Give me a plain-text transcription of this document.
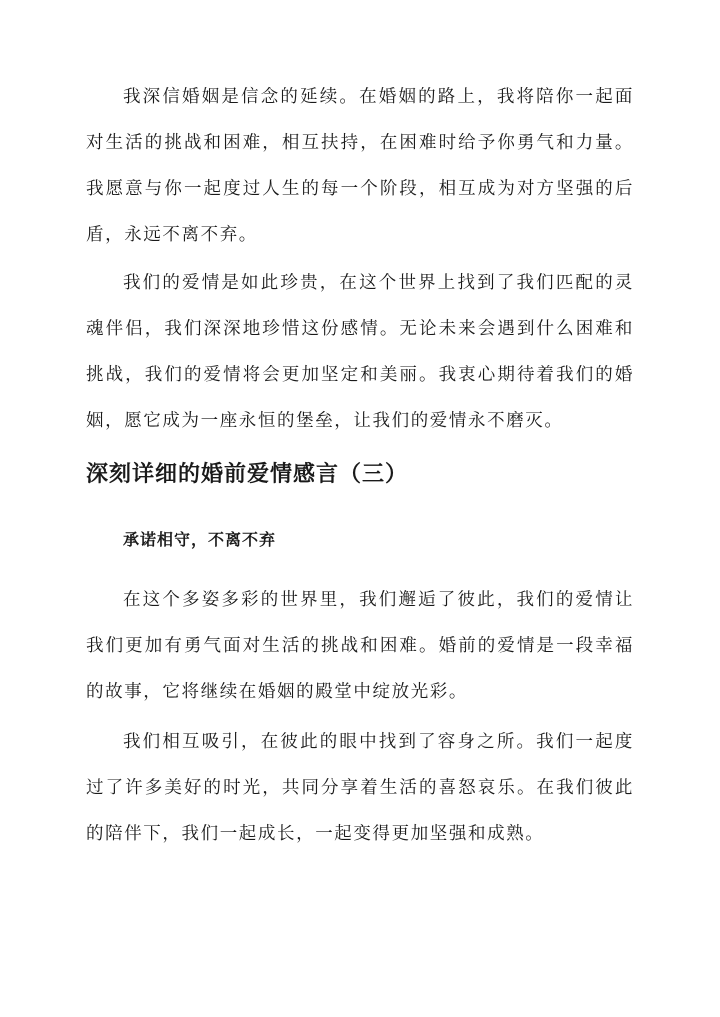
我深信婚姻是信念的延续。在婚姻的路上，我将陪你一起面对生活的挑战和困难，相互扶持，在困难时给予你勇气和力量。我愿意与你一起度过人生的每一个阶段，相互成为对方坚强的后盾，永远不离不弃。

我们的爱情是如此珍贵，在这个世界上找到了我们匹配的灵魂伴侣，我们深深地珍惜这份感情。无论未来会遇到什么困难和挑战，我们的爱情将会更加坚定和美丽。我衷心期待着我们的婚姻，愿它成为一座永恒的堡垒，让我们的爱情永不磨灭。

深刻详细的婚前爱情感言（三）
承诺相守，不离不弃

在这个多姿多彩的世界里，我们邂逅了彼此，我们的爱情让我们更加有勇气面对生活的挑战和困难。婚前的爱情是一段幸福的故事，它将继续在婚姻的殿堂中绽放光彩。

我们相互吸引，在彼此的眼中找到了容身之所。我们一起度过了许多美好的时光，共同分享着生活的喜怒哀乐。在我们彼此的陪伴下，我们一起成长，一起变得更加坚强和成熟。
